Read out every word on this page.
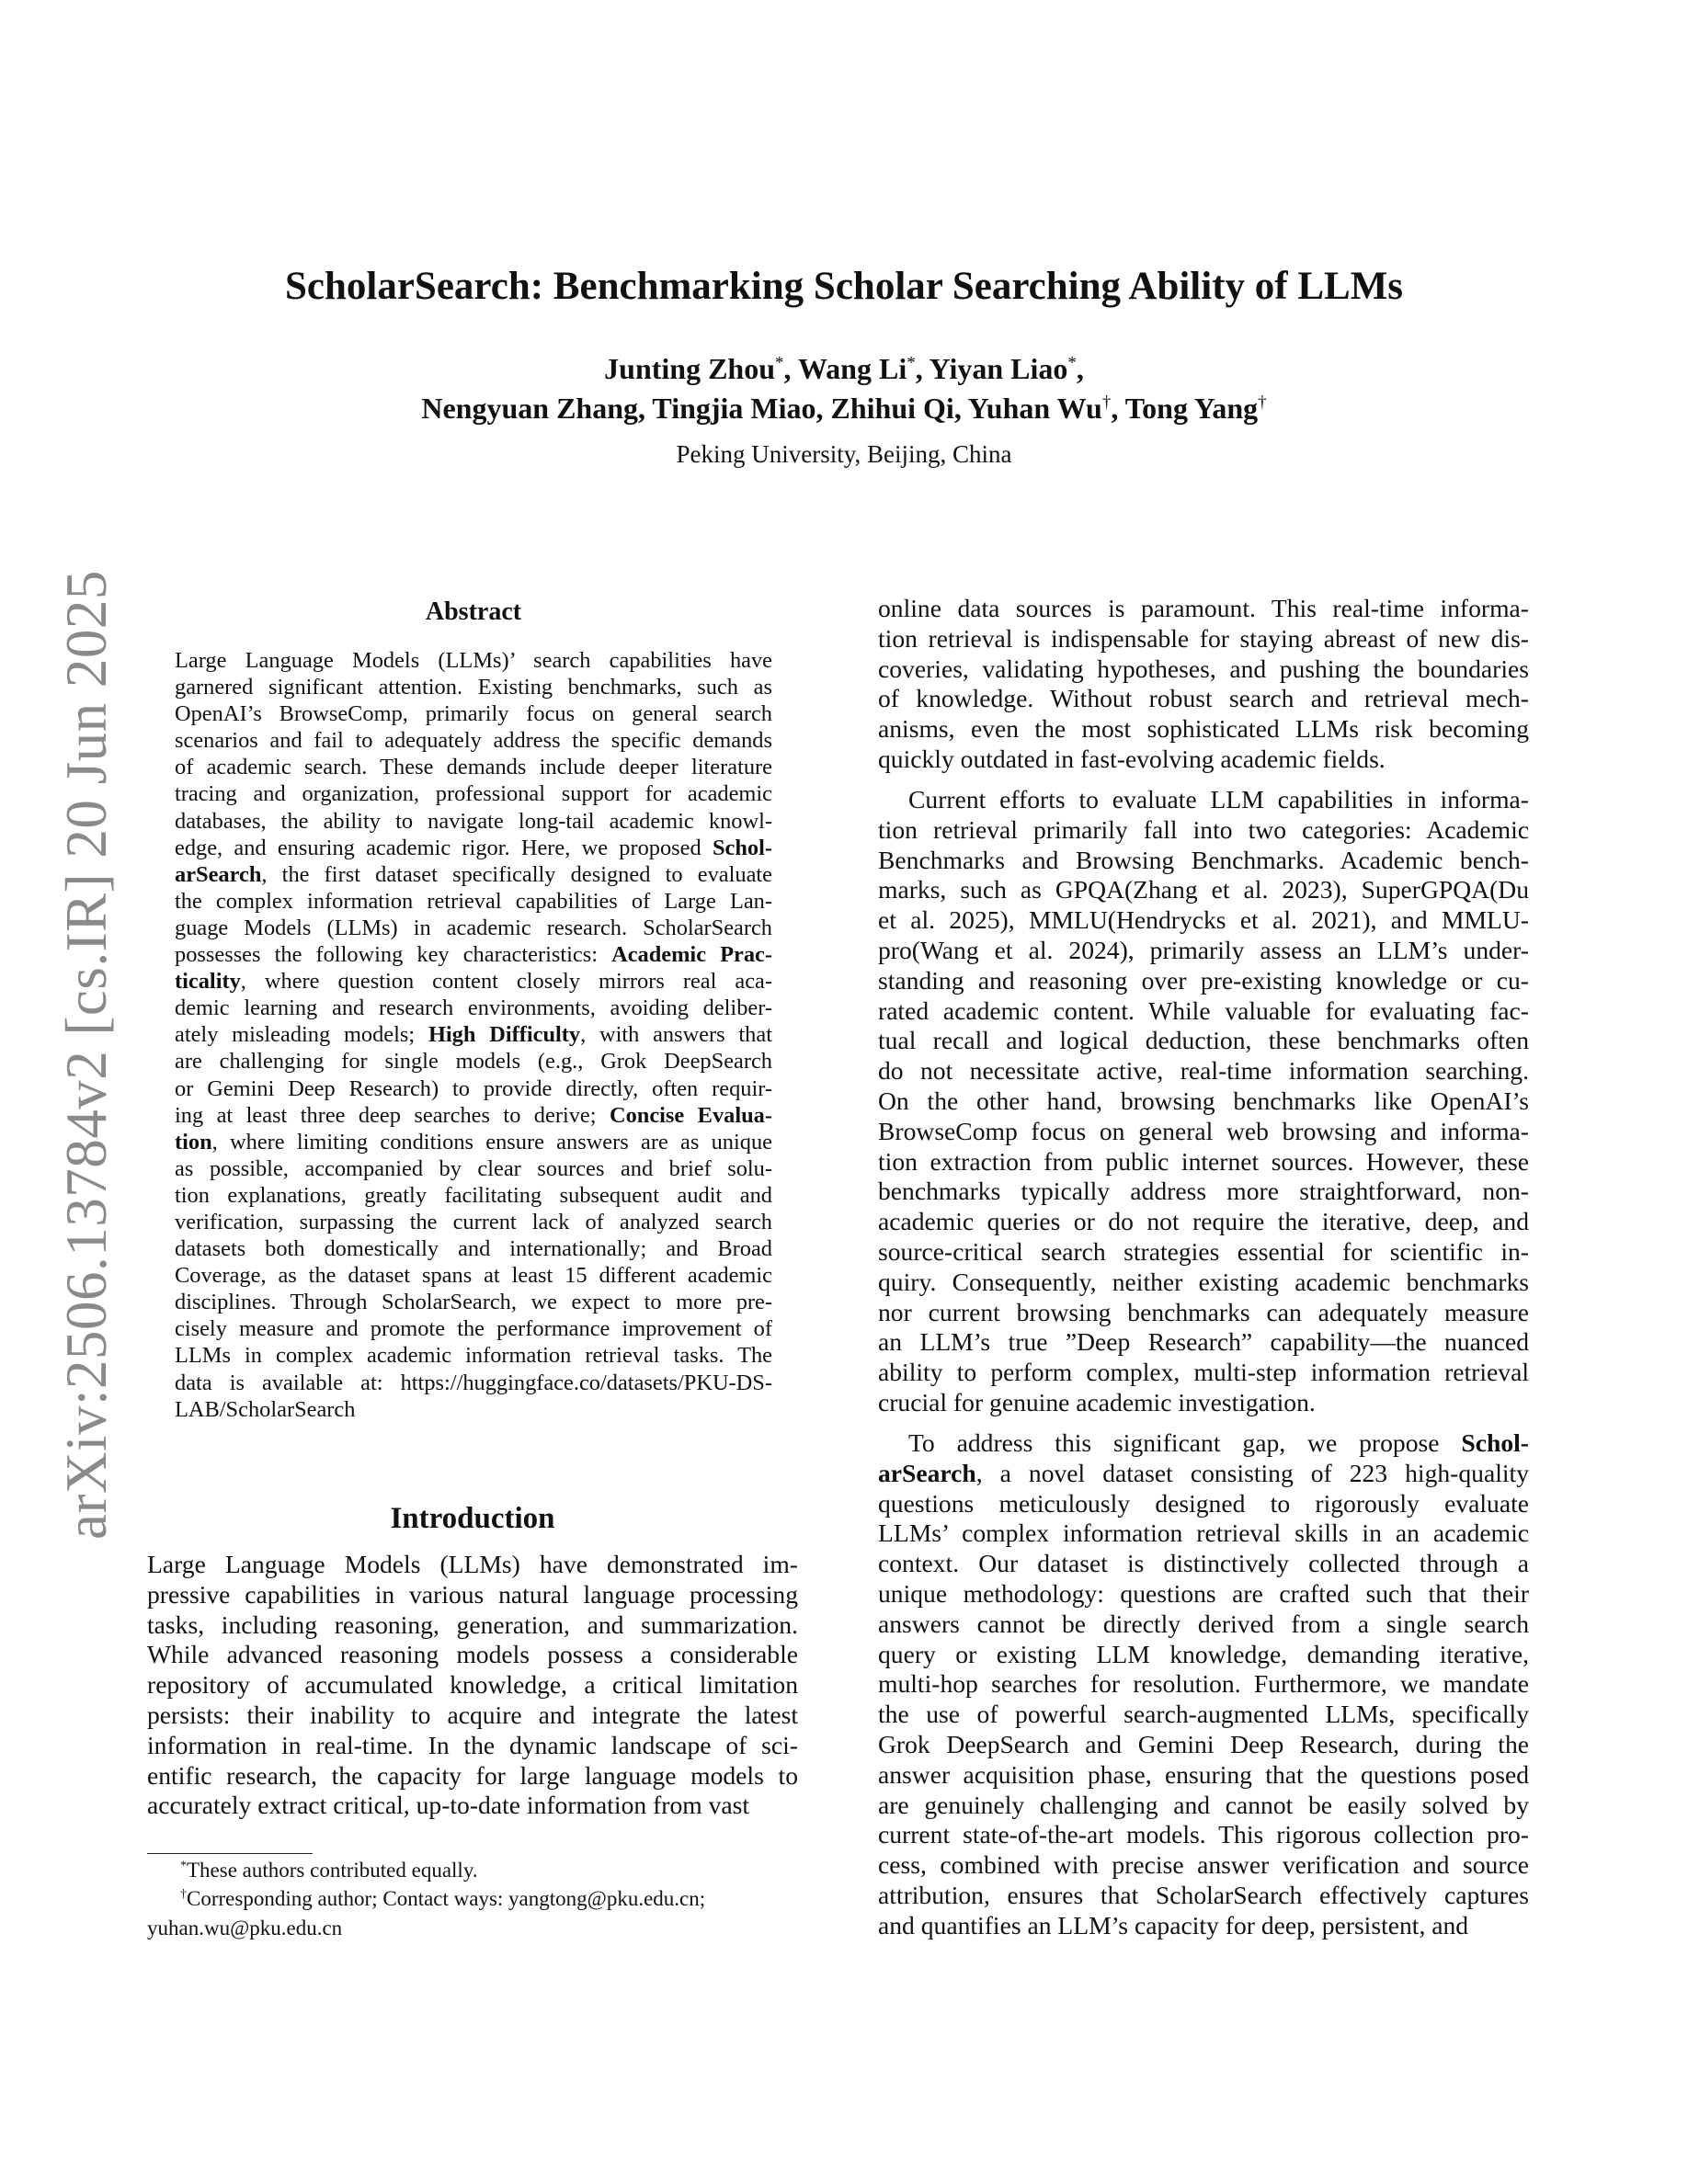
arXiv:2506.13784v2 [cs.IR] 20 Jun 2025
ScholarSearch: Benchmarking Scholar Searching Ability of LLMs
Junting Zhou*, Wang Li*, Yiyan Liao*,
Nengyuan Zhang, Tingjia Miao, Zhihui Qi, Yuhan Wu†, Tong Yang†
Peking University, Beijing, China
Abstract
Large Language Models (LLMs)’ search capabilities have
garnered significant attention. Existing benchmarks, such as
OpenAI’s BrowseComp, primarily focus on general search
scenarios and fail to adequately address the specific demands
of academic search. These demands include deeper literature
tracing and organization, professional support for academic
databases, the ability to navigate long-tail academic knowl-
edge, and ensuring academic rigor. Here, we proposed Schol-
arSearch, the first dataset specifically designed to evaluate
the complex information retrieval capabilities of Large Lan-
guage Models (LLMs) in academic research. ScholarSearch
possesses the following key characteristics: Academic Prac-
ticality, where question content closely mirrors real aca-
demic learning and research environments, avoiding deliber-
ately misleading models; High Difficulty, with answers that
are challenging for single models (e.g., Grok DeepSearch
or Gemini Deep Research) to provide directly, often requir-
ing at least three deep searches to derive; Concise Evalua-
tion, where limiting conditions ensure answers are as unique
as possible, accompanied by clear sources and brief solu-
tion explanations, greatly facilitating subsequent audit and
verification, surpassing the current lack of analyzed search
datasets both domestically and internationally; and Broad
Coverage, as the dataset spans at least 15 different academic
disciplines. Through ScholarSearch, we expect to more pre-
cisely measure and promote the performance improvement of
LLMs in complex academic information retrieval tasks. The
data is available at: https://huggingface.co/datasets/PKU-DS-
LAB/ScholarSearch
Introduction
Large Language Models (LLMs) have demonstrated im-
pressive capabilities in various natural language processing
tasks, including reasoning, generation, and summarization.
While advanced reasoning models possess a considerable
repository of accumulated knowledge, a critical limitation
persists: their inability to acquire and integrate the latest
information in real-time. In the dynamic landscape of sci-
entific research, the capacity for large language models to
accurately extract critical, up-to-date information from vast
*These authors contributed equally.
†Corresponding author; Contact ways: yangtong@pku.edu.cn;
yuhan.wu@pku.edu.cn
online data sources is paramount. This real-time informa-
tion retrieval is indispensable for staying abreast of new dis-
coveries, validating hypotheses, and pushing the boundaries
of knowledge. Without robust search and retrieval mech-
anisms, even the most sophisticated LLMs risk becoming
quickly outdated in fast-evolving academic fields.
Current efforts to evaluate LLM capabilities in informa-
tion retrieval primarily fall into two categories: Academic
Benchmarks and Browsing Benchmarks. Academic bench-
marks, such as GPQA(Zhang et al. 2023), SuperGPQA(Du
et al. 2025), MMLU(Hendrycks et al. 2021), and MMLU-
pro(Wang et al. 2024), primarily assess an LLM’s under-
standing and reasoning over pre-existing knowledge or cu-
rated academic content. While valuable for evaluating fac-
tual recall and logical deduction, these benchmarks often
do not necessitate active, real-time information searching.
On the other hand, browsing benchmarks like OpenAI’s
BrowseComp focus on general web browsing and informa-
tion extraction from public internet sources. However, these
benchmarks typically address more straightforward, non-
academic queries or do not require the iterative, deep, and
source-critical search strategies essential for scientific in-
quiry. Consequently, neither existing academic benchmarks
nor current browsing benchmarks can adequately measure
an LLM’s true ”Deep Research” capability—the nuanced
ability to perform complex, multi-step information retrieval
crucial for genuine academic investigation.
To address this significant gap, we propose Schol-
arSearch, a novel dataset consisting of 223 high-quality
questions meticulously designed to rigorously evaluate
LLMs’ complex information retrieval skills in an academic
context. Our dataset is distinctively collected through a
unique methodology: questions are crafted such that their
answers cannot be directly derived from a single search
query or existing LLM knowledge, demanding iterative,
multi-hop searches for resolution. Furthermore, we mandate
the use of powerful search-augmented LLMs, specifically
Grok DeepSearch and Gemini Deep Research, during the
answer acquisition phase, ensuring that the questions posed
are genuinely challenging and cannot be easily solved by
current state-of-the-art models. This rigorous collection pro-
cess, combined with precise answer verification and source
attribution, ensures that ScholarSearch effectively captures
and quantifies an LLM’s capacity for deep, persistent, and
